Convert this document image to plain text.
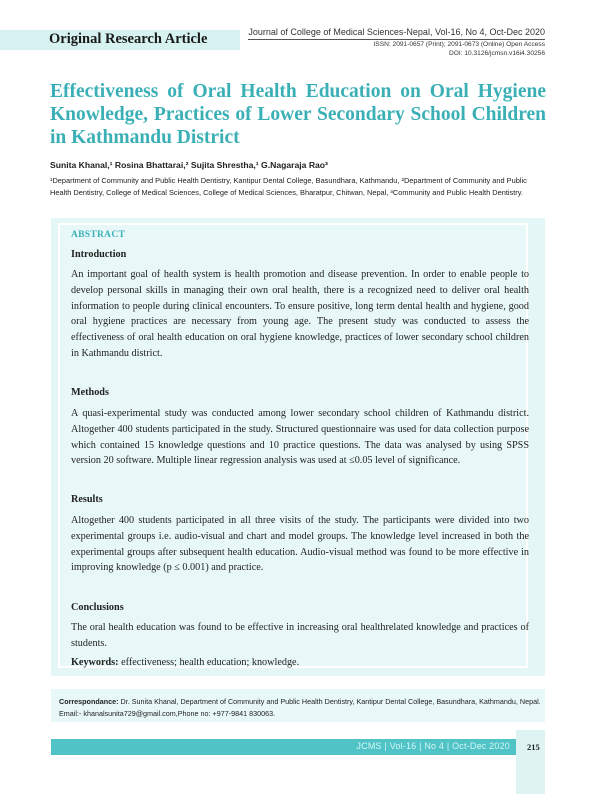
Original Research Article	Journal of College of Medical Sciences-Nepal, Vol-16, No 4, Oct-Dec 2020
ISSN: 2091-0657 (Print); 2091-0673 (Online) Open Access
DOI: 10.3126/jcmsn.v16i4.30256
Effectiveness of Oral Health Education on Oral Hygiene Knowledge, Practices of Lower Secondary School Children in Kathmandu District
Sunita Khanal,¹ Rosina Bhattarai,² Sujita Shrestha,¹ G.Nagaraja Rao³
¹Department of Community and Public Health Dentistry, Kantipur Dental College, Basundhara, Kathmandu, ²Department of Community and Public Health Dentistry, College of Medical Sciences, College of Medical Sciences, Bharatpur, Chitwan, Nepal, ³Community and Public Health Dentistry.
ABSTRACT
Introduction
An important goal of health system is health promotion and disease prevention. In order to enable people to develop personal skills in managing their own oral health, there is a recognized need to deliver oral health information to people during clinical encounters. To ensure positive, long term dental health and hygiene, good oral hygiene practices are necessary from young age. The present study was conducted to assess the effectiveness of oral health education on oral hygiene knowledge, practices of lower secondary school children in Kathmandu district.
Methods
A quasi-experimental study was conducted among lower secondary school children of Kathmandu district. Altogether 400 students participated in the study. Structured questionnaire was used for data collection purpose which contained 15 knowledge questions and 10 practice questions. The data was analysed by using SPSS version 20 software. Multiple linear regression analysis was used at ≤0.05 level of significance.
Results
Altogether 400 students participated in all three visits of the study. The participants were divided into two experimental groups i.e. audio-visual and chart and model groups. The knowledge level increased in both the experimental groups after subsequent health education. Audio-visual method was found to be more effective in improving knowledge (p ≤ 0.001) and practice.
Conclusions
The oral health education was found to be effective in increasing oral healthrelated knowledge and practices of students.
Keywords: effectiveness; health education; knowledge.
Correspondance: Dr. Sunita Khanal, Department of Community and Public Health Dentistry, Kantipur Dental College, Basundhara, Kathmandu, Nepal. Email:- khanalsunita729@gmail.com,Phone no: +977-9841 830063.
JCMS | Vol-16 | No 4 | Oct-Dec 2020 215
